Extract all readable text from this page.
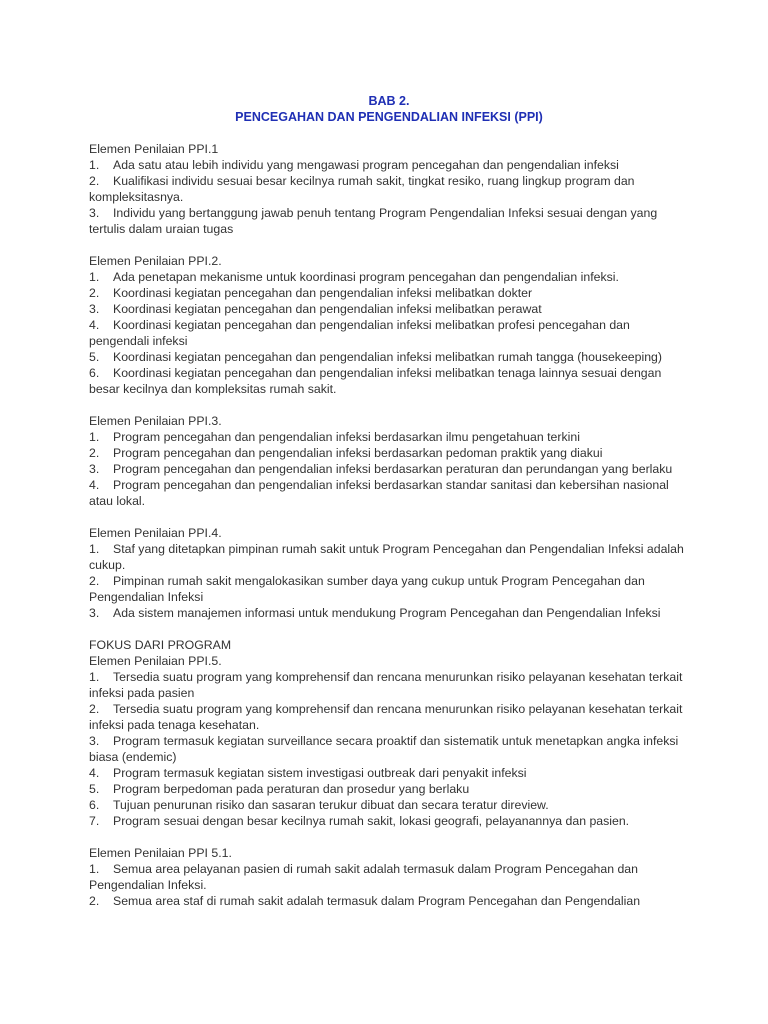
BAB 2.
PENCEGAHAN DAN PENGENDALIAN INFEKSI (PPI)
Elemen Penilaian PPI.1
1. Ada satu atau lebih individu yang mengawasi program pencegahan dan pengendalian infeksi
2. Kualifikasi individu sesuai besar kecilnya rumah sakit, tingkat resiko, ruang lingkup program dan kompleksitasnya.
3. Individu yang bertanggung jawab penuh tentang Program Pengendalian Infeksi sesuai dengan yang tertulis dalam uraian tugas
Elemen Penilaian PPI.2.
1. Ada penetapan mekanisme untuk koordinasi program pencegahan dan pengendalian infeksi.
2. Koordinasi kegiatan pencegahan dan pengendalian infeksi melibatkan dokter
3. Koordinasi kegiatan pencegahan dan pengendalian infeksi melibatkan perawat
4. Koordinasi kegiatan pencegahan dan pengendalian infeksi melibatkan profesi pencegahan dan pengendali infeksi
5. Koordinasi kegiatan pencegahan dan pengendalian infeksi melibatkan rumah tangga (housekeeping)
6. Koordinasi kegiatan pencegahan dan pengendalian infeksi melibatkan tenaga lainnya sesuai dengan besar kecilnya dan kompleksitas rumah sakit.
Elemen Penilaian PPI.3.
1. Program pencegahan dan pengendalian infeksi berdasarkan ilmu pengetahuan terkini
2. Program pencegahan dan pengendalian infeksi berdasarkan pedoman praktik yang diakui
3. Program pencegahan dan pengendalian infeksi berdasarkan peraturan dan perundangan yang berlaku
4. Program pencegahan dan pengendalian infeksi berdasarkan standar sanitasi dan kebersihan nasional atau lokal.
Elemen Penilaian PPI.4.
1. Staf yang ditetapkan pimpinan rumah sakit untuk Program Pencegahan dan Pengendalian Infeksi adalah cukup.
2. Pimpinan rumah sakit mengalokasikan sumber daya yang cukup untuk Program Pencegahan dan Pengendalian Infeksi
3. Ada sistem manajemen informasi untuk mendukung Program Pencegahan dan Pengendalian Infeksi
FOKUS DARI PROGRAM
Elemen Penilaian PPI.5.
1. Tersedia suatu program yang komprehensif dan rencana menurunkan risiko pelayanan kesehatan terkait infeksi pada pasien
2. Tersedia suatu program yang komprehensif dan rencana menurunkan risiko pelayanan kesehatan terkait infeksi pada tenaga kesehatan.
3. Program termasuk kegiatan surveillance secara proaktif dan sistematik untuk menetapkan angka infeksi biasa (endemic)
4. Program termasuk kegiatan sistem investigasi outbreak dari penyakit infeksi
5. Program berpedoman pada peraturan dan prosedur yang berlaku
6. Tujuan penurunan risiko dan sasaran terukur dibuat dan secara teratur direview.
7. Program sesuai dengan besar kecilnya rumah sakit, lokasi geografi, pelayanannya dan pasien.
Elemen Penilaian PPI 5.1.
1. Semua area pelayanan pasien di rumah sakit adalah termasuk dalam Program Pencegahan dan Pengendalian Infeksi.
2. Semua area staf di rumah sakit adalah termasuk dalam Program Pencegahan dan Pengendalian
